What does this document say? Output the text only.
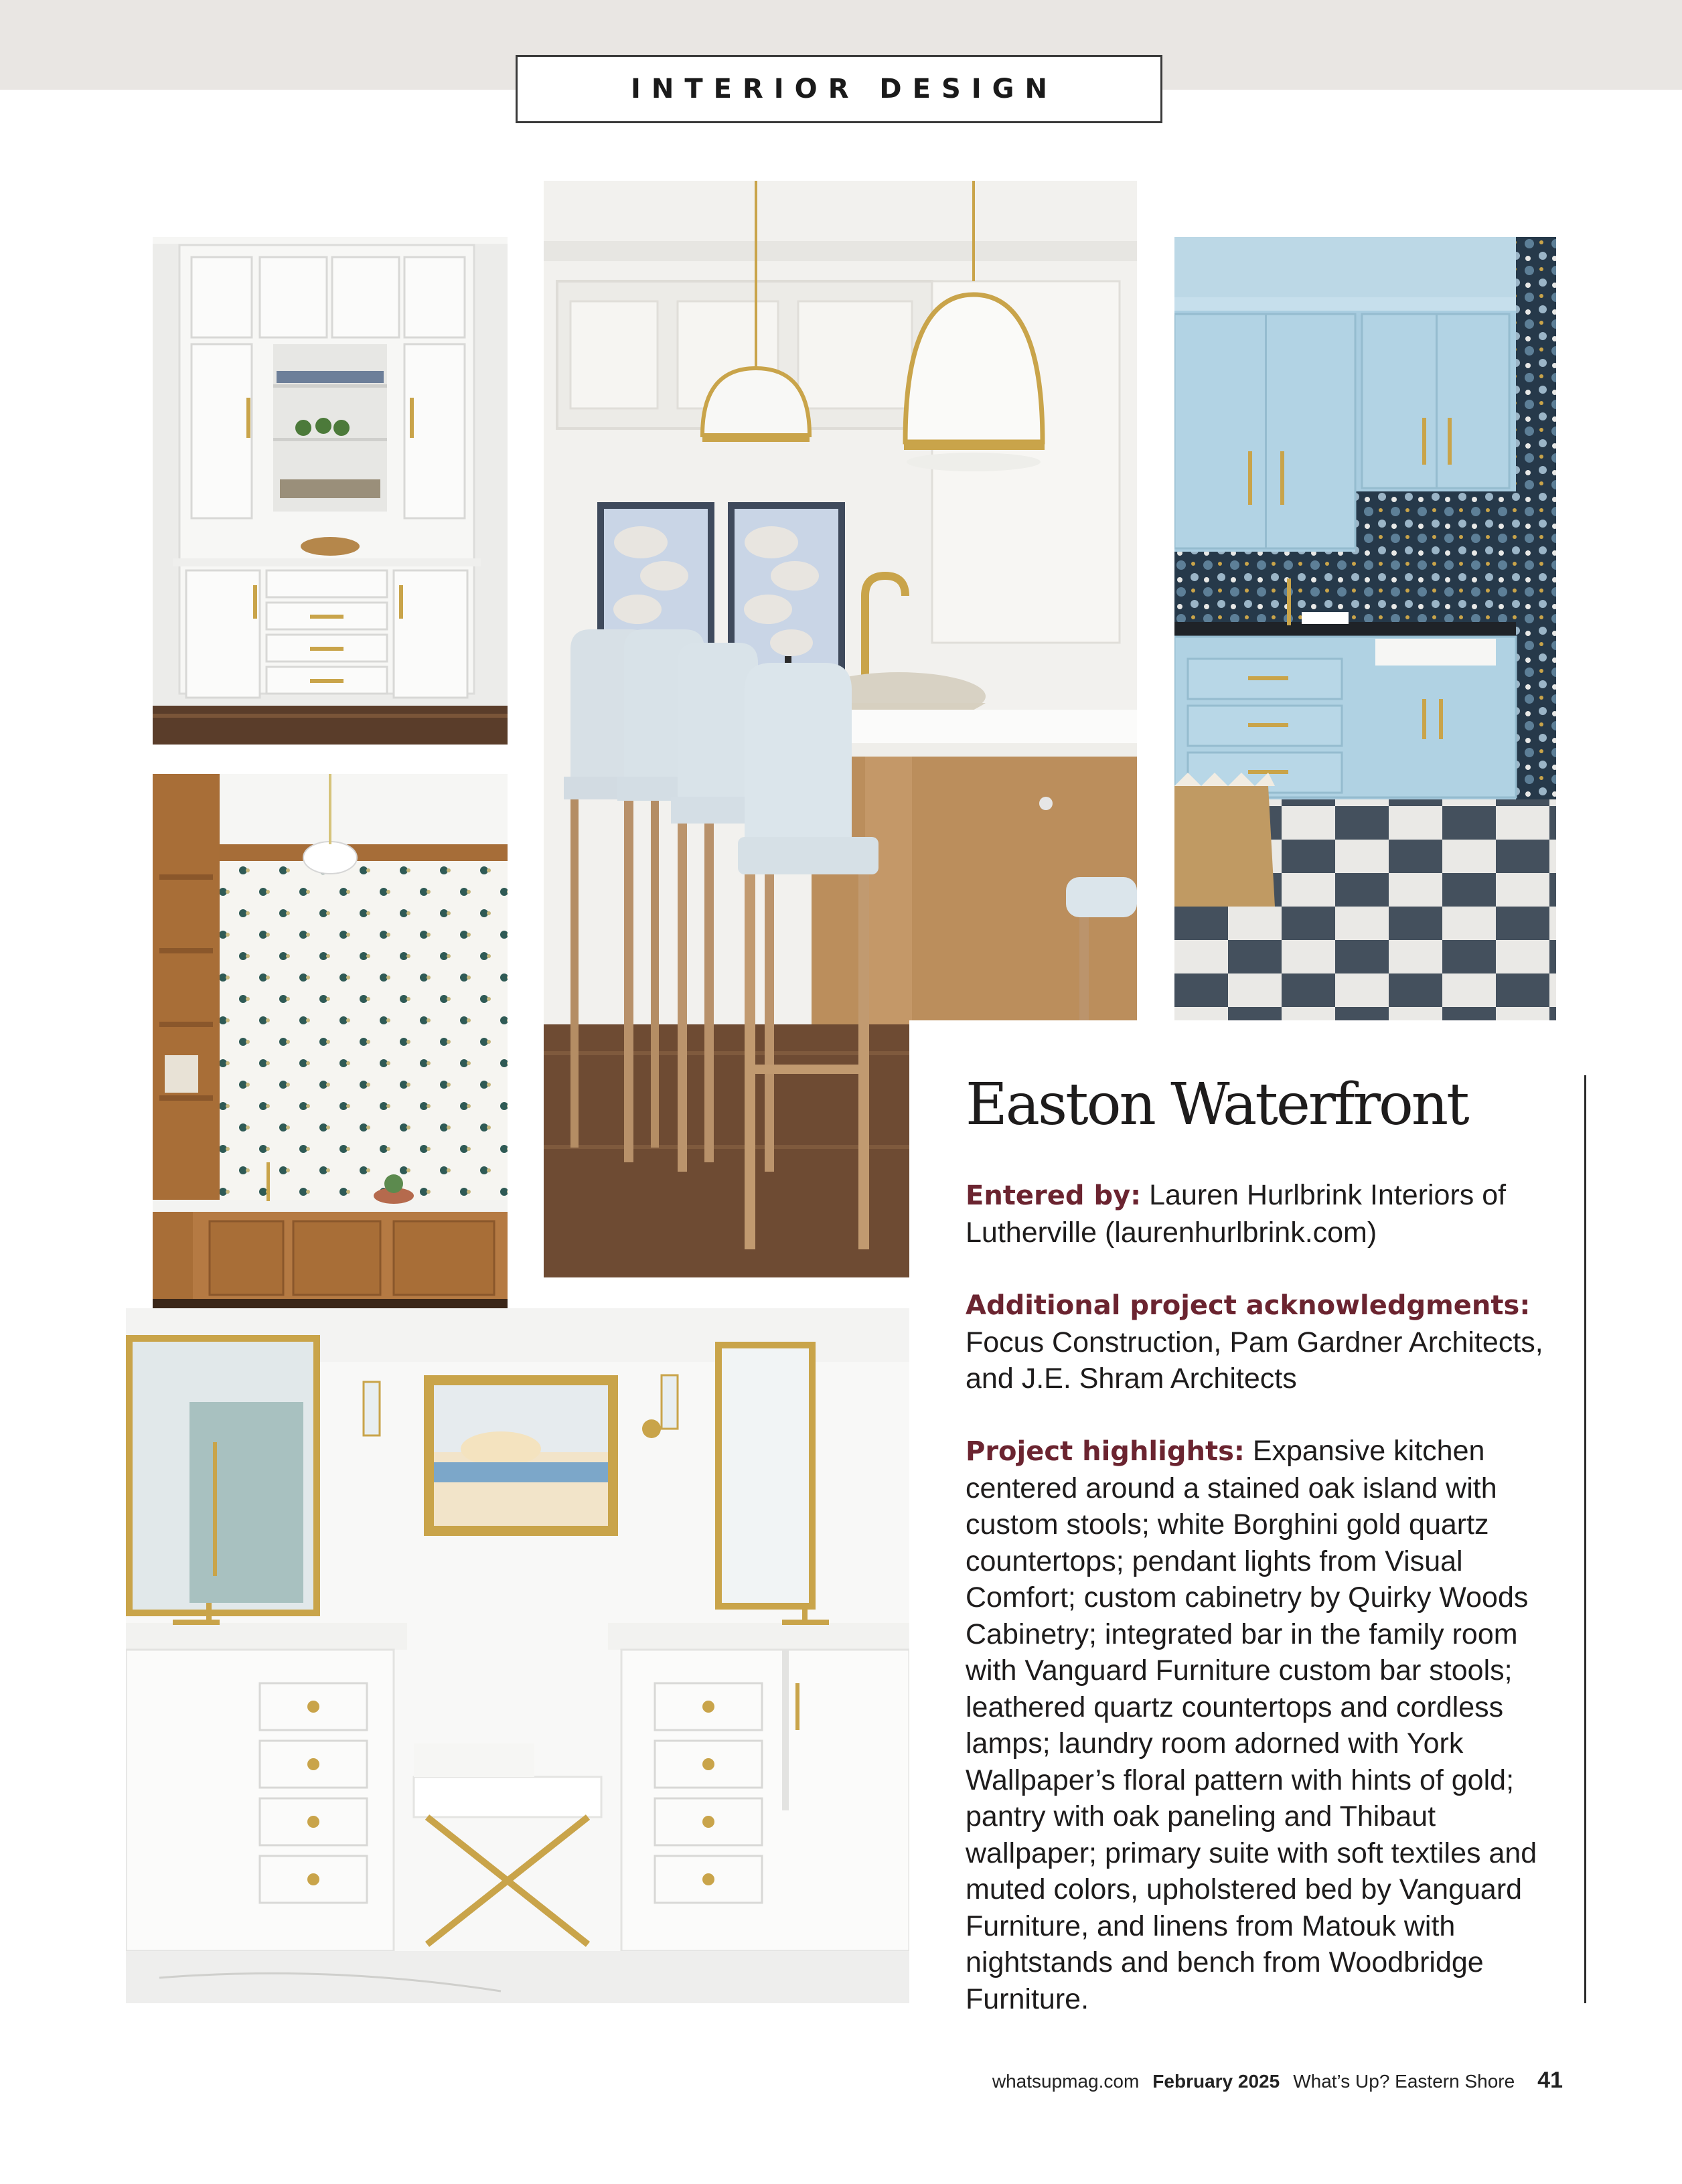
INTERIOR DESIGN
Easton Waterfront

Entered by: Lauren Hurlbrink Interiors of Lutherville (laurenhurlbrink.com)

Additional project acknowledgments: Focus Construction, Pam Gardner Architects, and J.E. Shram Architects

Project highlights: Expansive kitchen centered around a stained oak island with custom stools; white Borghini gold quartz countertops; pendant lights from Visual Comfort; custom cabinetry by Quirky Woods Cabinetry; integrated bar in the family room with Vanguard Furniture custom bar stools; leathered quartz countertops and cordless lamps; laundry room adorned with York Wallpaper’s floral pattern with hints of gold; pantry with oak paneling and Thibaut wallpaper; primary suite with soft textiles and muted colors, upholstered bed by Vanguard Furniture, and linens from Matouk with nightstands and bench from Woodbridge Furniture.

whatsupmag.com February 2025 What’s Up? Eastern Shore 41
